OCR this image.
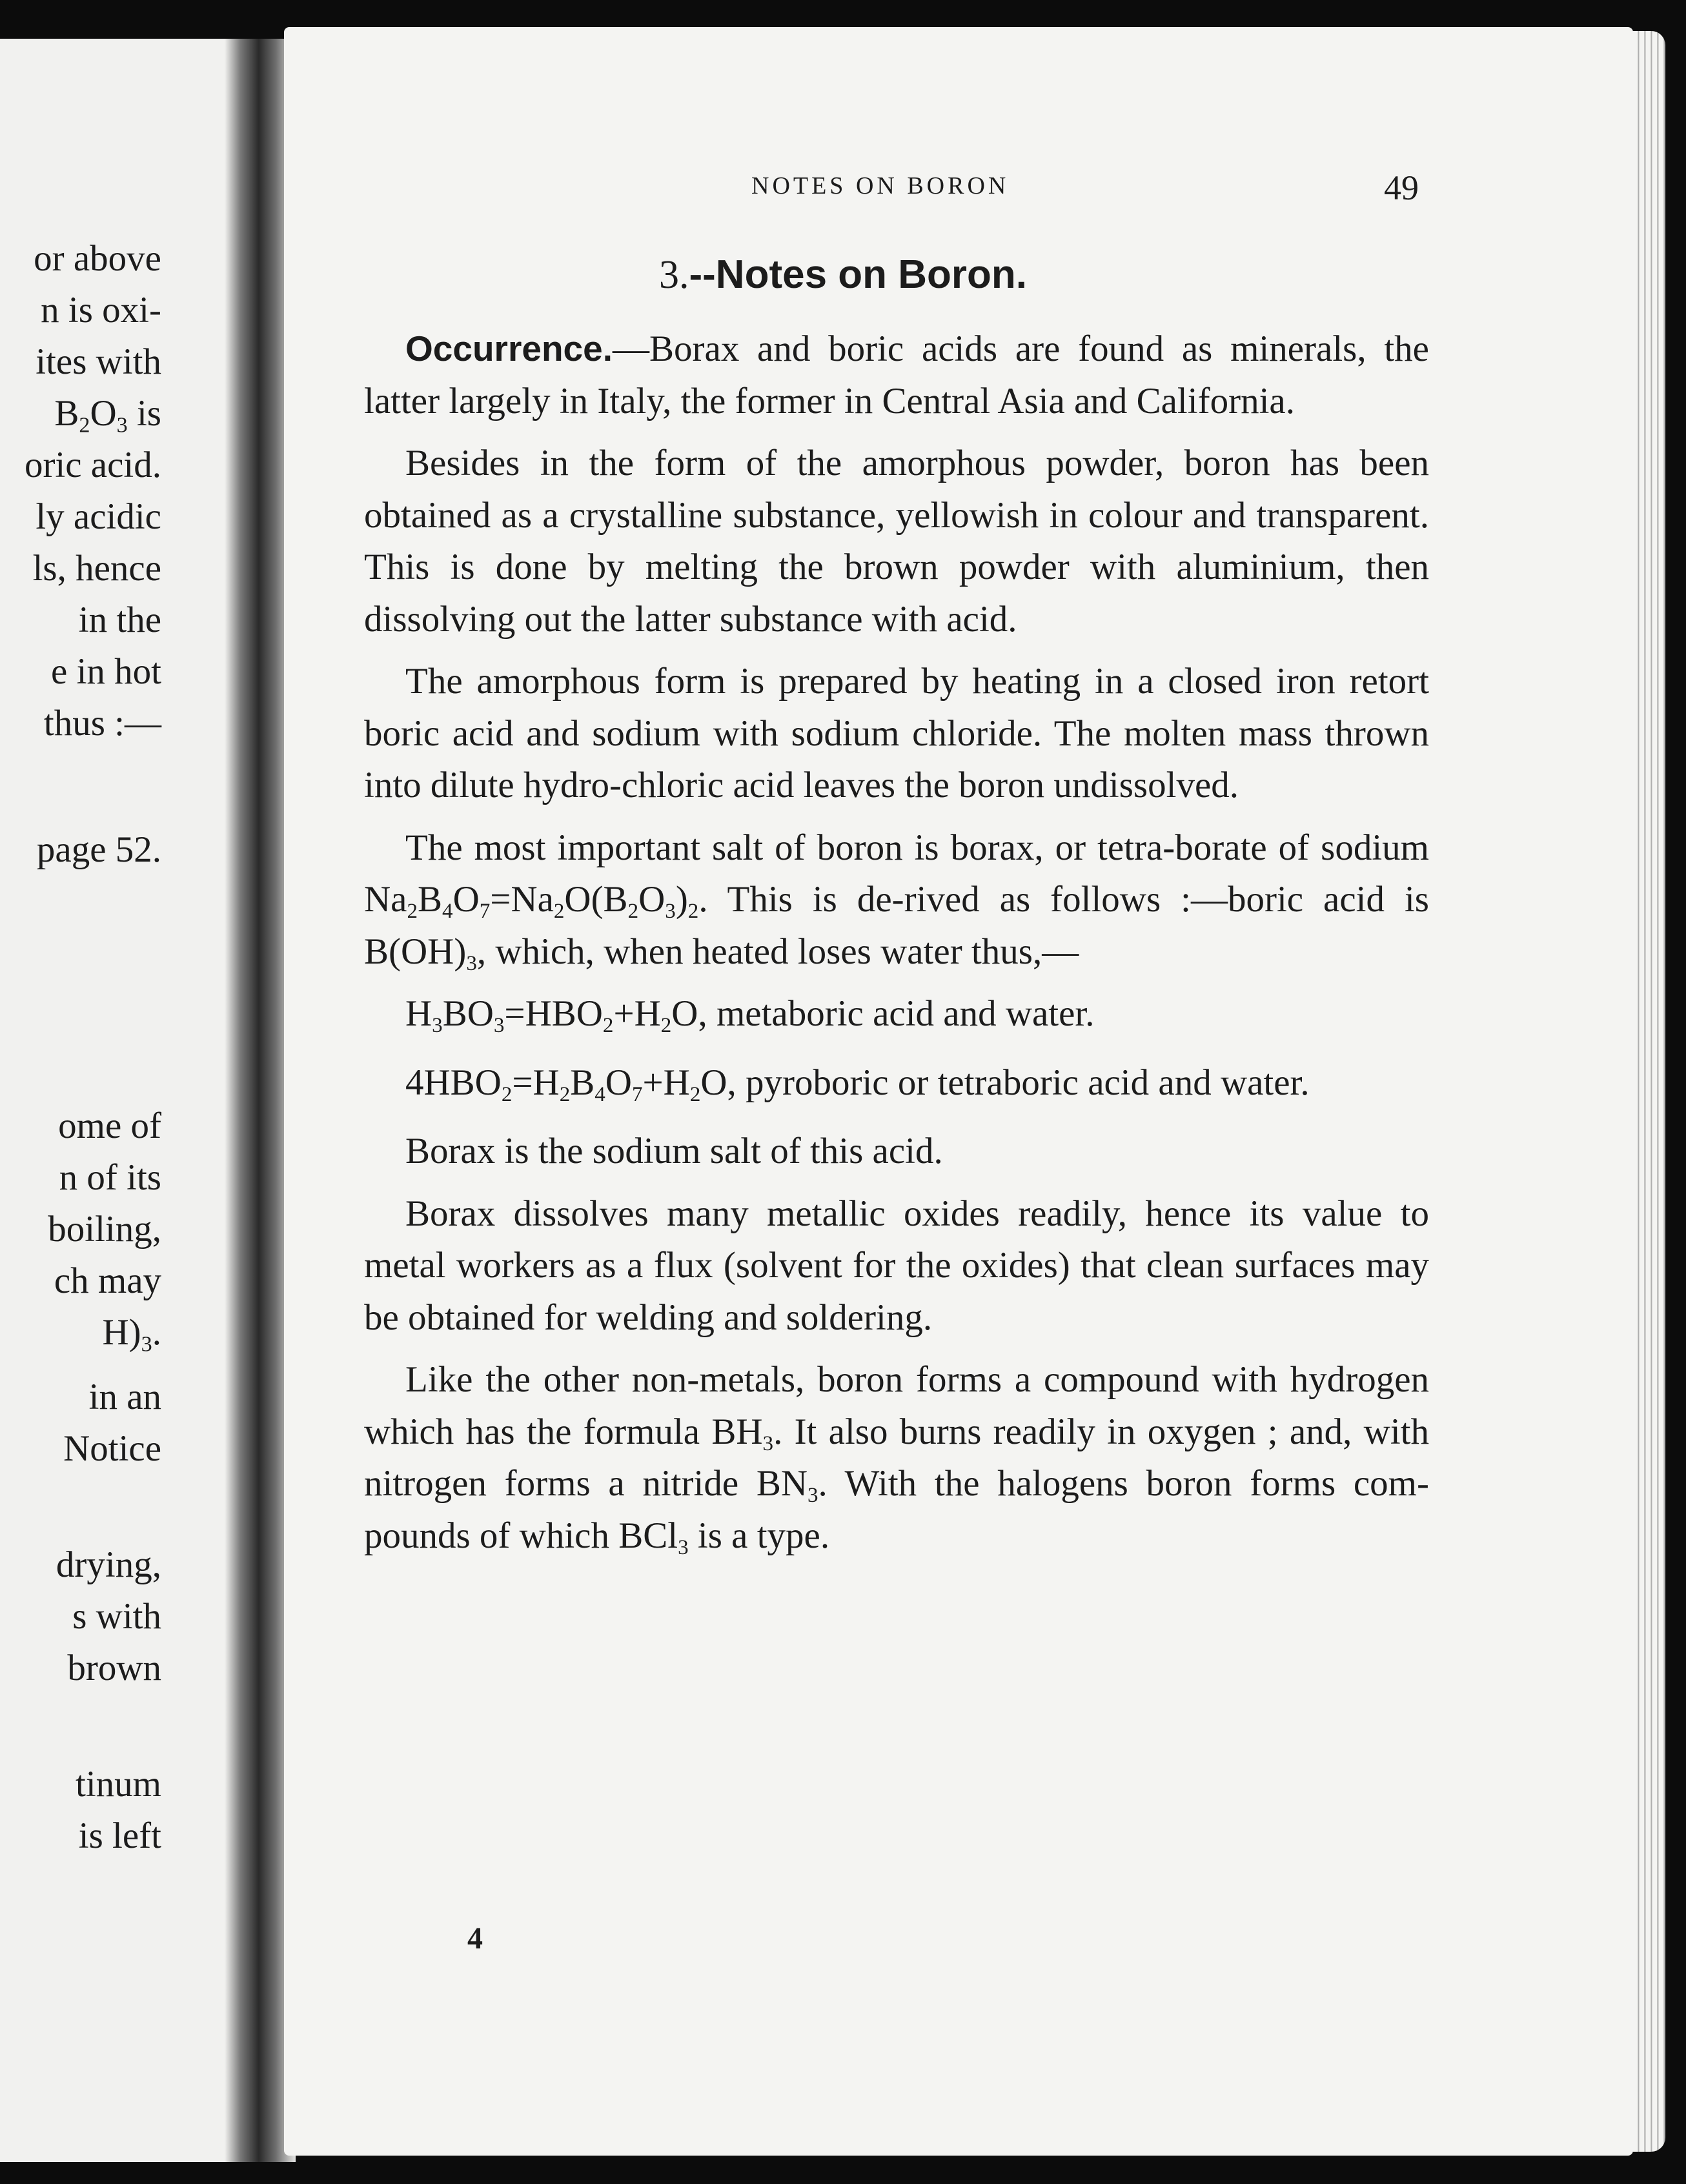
or above
n is oxi-
ites with
$B_2O_3$ is
oric acid.
ly acidic
ls, hence
in the
e in hot
thus :—
page 52.
ome of
n of its
boiling,
ch may
$H)_3$.
in an
Notice
drying,
s with
brown
tinum
is left
NOTES ON BORON	49
3.--Notes on Boron.

Occurrence.—Borax and boric acids are found as minerals, the latter largely in Italy, the former in Central Asia and California.

Besides in the form of the amorphous powder, boron has been obtained as a crystalline substance, yellowish in colour and transparent. This is done by melting the brown powder with aluminium, then dissolving out the latter substance with acid.

The amorphous form is prepared by heating in a closed iron retort boric acid and sodium with sodium chloride. The molten mass thrown into dilute hydro-chloric acid leaves the boron undissolved.

The most important salt of boron is borax, or tetra-borate of sodium $Na_2B_4O_7=Na_2O(B_2O_3)_2$. This is de-rived as follows :—boric acid is $B(OH)_3$, which, when heated loses water thus,—

$H_3BO_3=HBO_2+H_2O$, metaboric acid and water.

$4HBO_2=H_2B_4O_7+H_2O$, pyroboric or tetraboric acid and water.

Borax is the sodium salt of this acid.

Borax dissolves many metallic oxides readily, hence its value to metal workers as a flux (solvent for the oxides) that clean surfaces may be obtained for welding and soldering.

Like the other non-metals, boron forms a compound with hydrogen which has the formula $BH_3$. It also burns readily in oxygen ; and, with nitrogen forms a nitride $BN_3$. With the halogens boron forms com-pounds of which BCl$_3$ is a type.

4
